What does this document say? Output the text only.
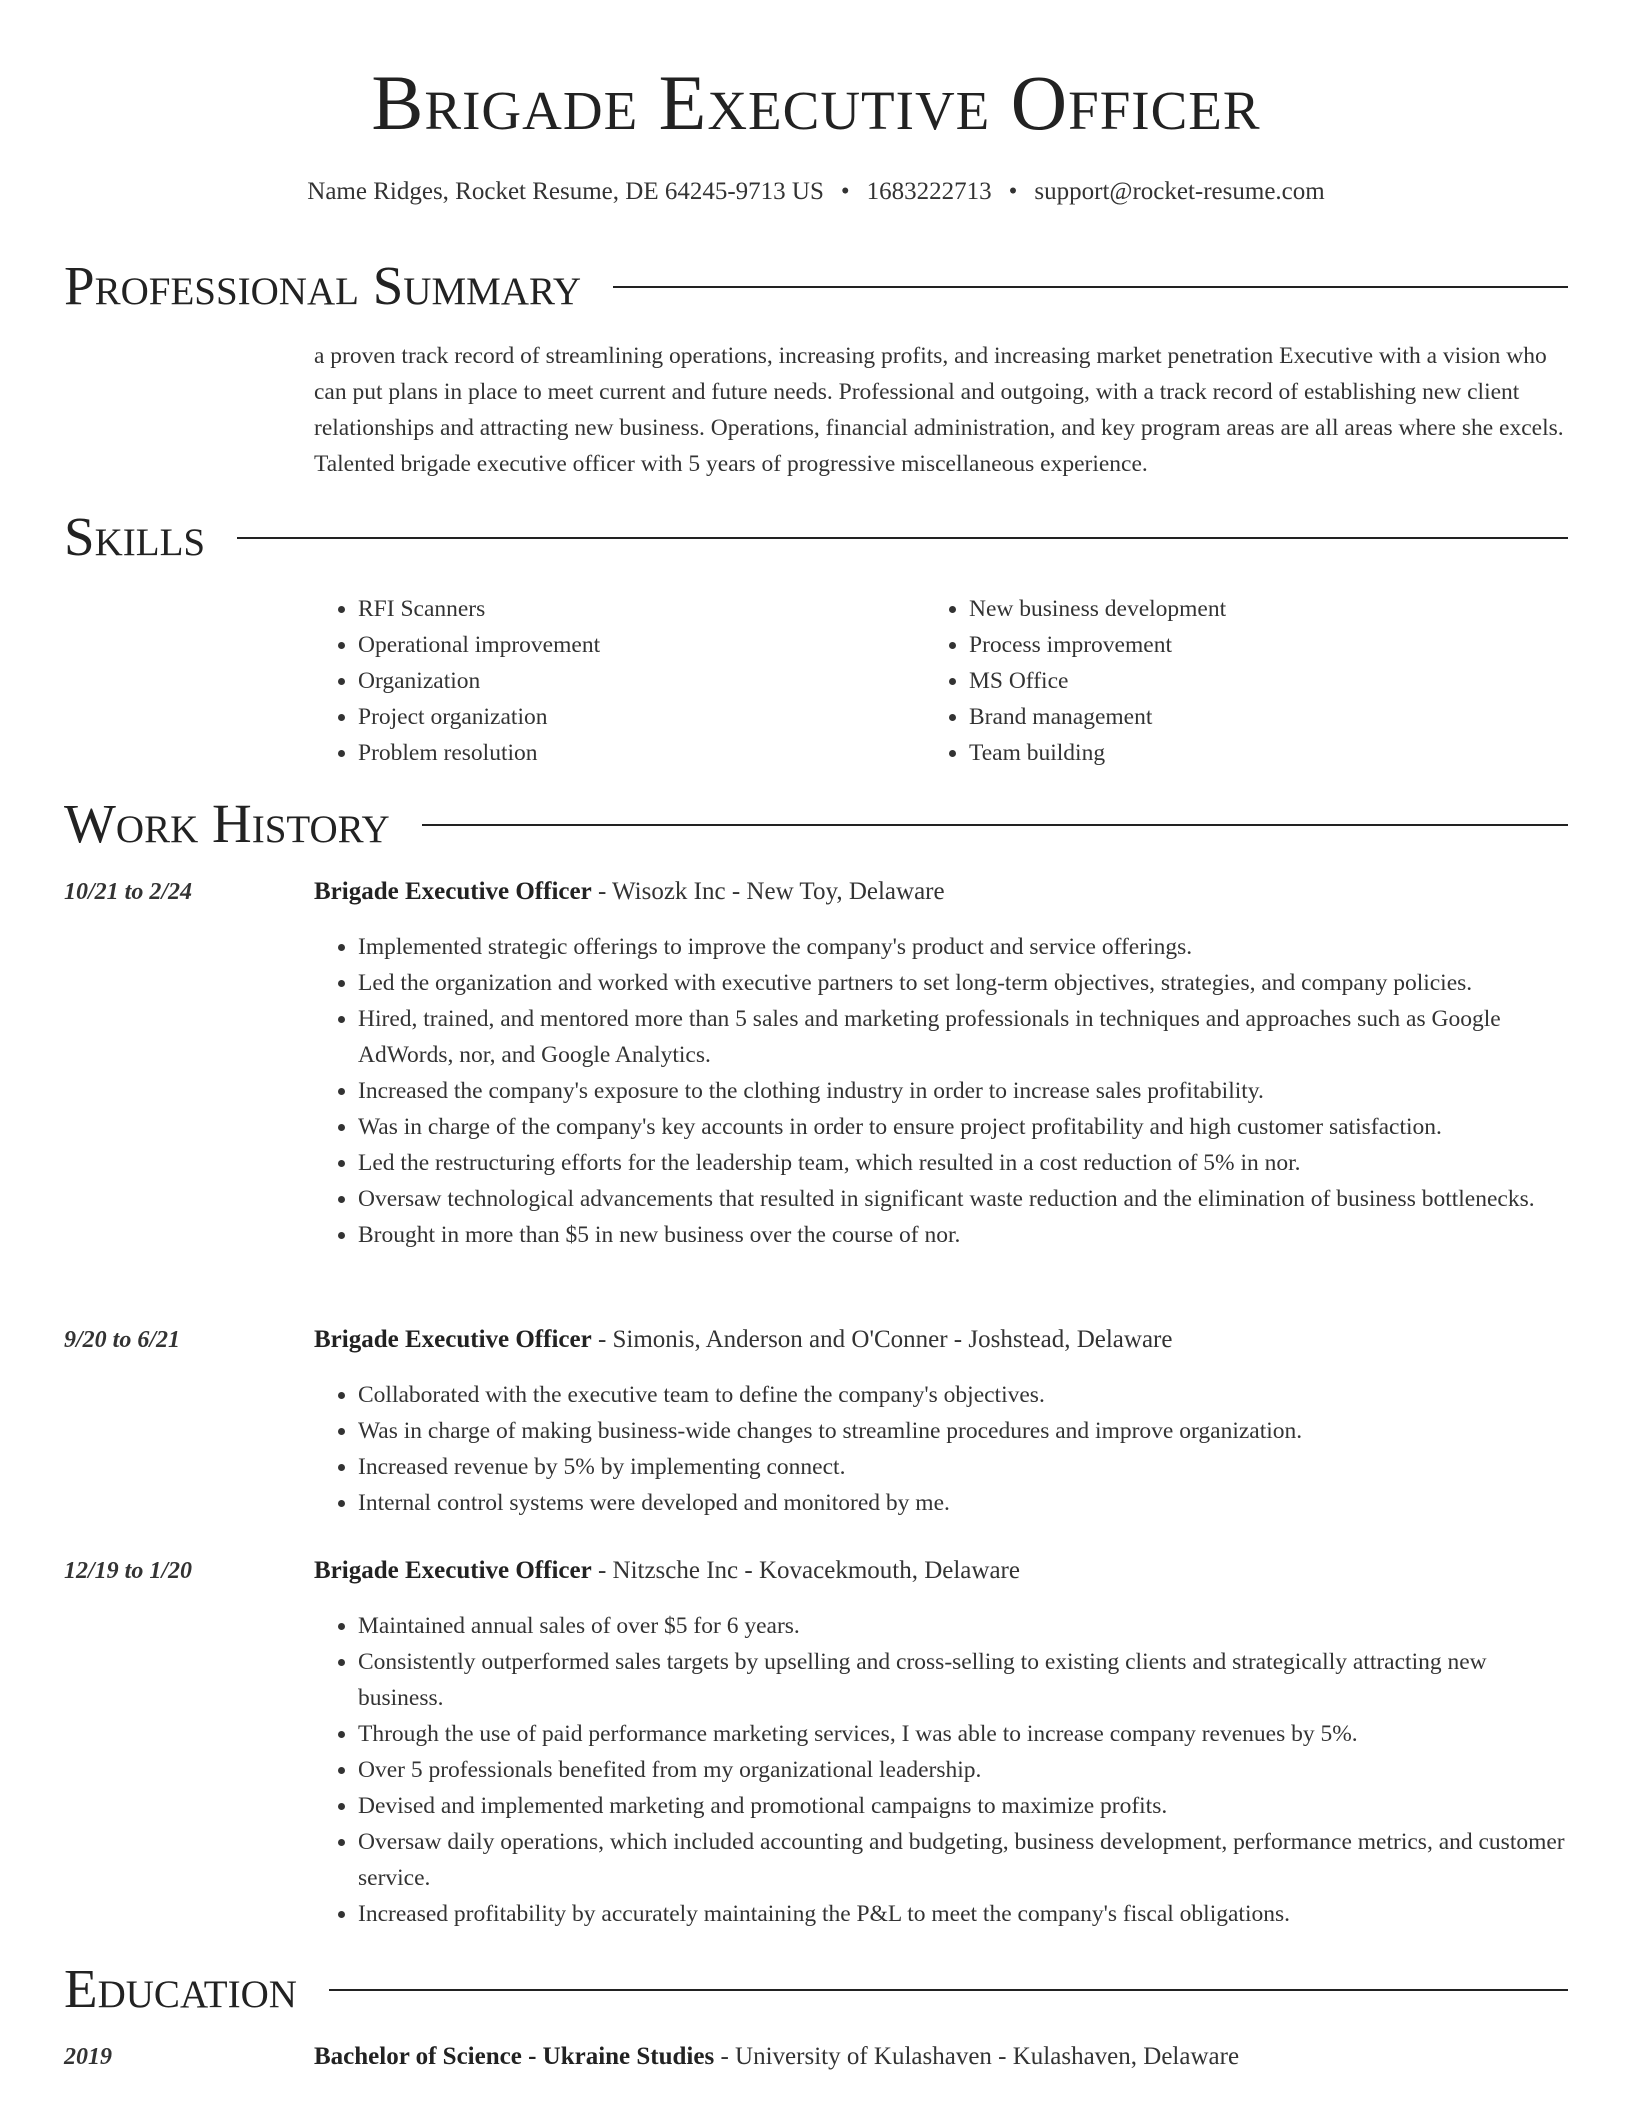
Brigade Executive Officer
Name Ridges, Rocket Resume, DE 64245-9713 US • 1683222713 • support@rocket-resume.com
Professional Summary

a proven track record of streamlining operations, increasing profits, and increasing market penetration Executive with a vision who can put plans in place to meet current and future needs. Professional and outgoing, with a track record of establishing new client relationships and attracting new business. Operations, financial administration, and key program areas are all areas where she excels. Talented brigade executive officer with 5 years of progressive miscellaneous experience.

Skills
• RFI Scanners
• Operational improvement
• Organization
• Project organization
• Problem resolution
• New business development
• Process improvement
• MS Office
• Brand management
• Team building
Work History
10/21 to 2/24	Brigade Executive Officer - Wisozk Inc - New Toy, Delaware
• Implemented strategic offerings to improve the company's product and service offerings.
• Led the organization and worked with executive partners to set long-term objectives, strategies, and company policies.
• Hired, trained, and mentored more than 5 sales and marketing professionals in techniques and approaches such as Google AdWords, nor, and Google Analytics.
• Increased the company's exposure to the clothing industry in order to increase sales profitability.
• Was in charge of the company's key accounts in order to ensure project profitability and high customer satisfaction.
• Led the restructuring efforts for the leadership team, which resulted in a cost reduction of 5% in nor.
• Oversaw technological advancements that resulted in significant waste reduction and the elimination of business bottlenecks.
• Brought in more than $5 in new business over the course of nor.
9/20 to 6/21	Brigade Executive Officer - Simonis, Anderson and O'Conner - Joshstead, Delaware
• Collaborated with the executive team to define the company's objectives.
• Was in charge of making business-wide changes to streamline procedures and improve organization.
• Increased revenue by 5% by implementing connect.
• Internal control systems were developed and monitored by me.
12/19 to 1/20	Brigade Executive Officer - Nitzsche Inc - Kovacekmouth, Delaware
• Maintained annual sales of over $5 for 6 years.
• Consistently outperformed sales targets by upselling and cross-selling to existing clients and strategically attracting new business.
• Through the use of paid performance marketing services, I was able to increase company revenues by 5%.
• Over 5 professionals benefited from my organizational leadership.
• Devised and implemented marketing and promotional campaigns to maximize profits.
• Oversaw daily operations, which included accounting and budgeting, business development, performance metrics, and customer service.
• Increased profitability by accurately maintaining the P&L to meet the company's fiscal obligations.
Education
2019	Bachelor of Science - Ukraine Studies - University of Kulashaven - Kulashaven, Delaware
